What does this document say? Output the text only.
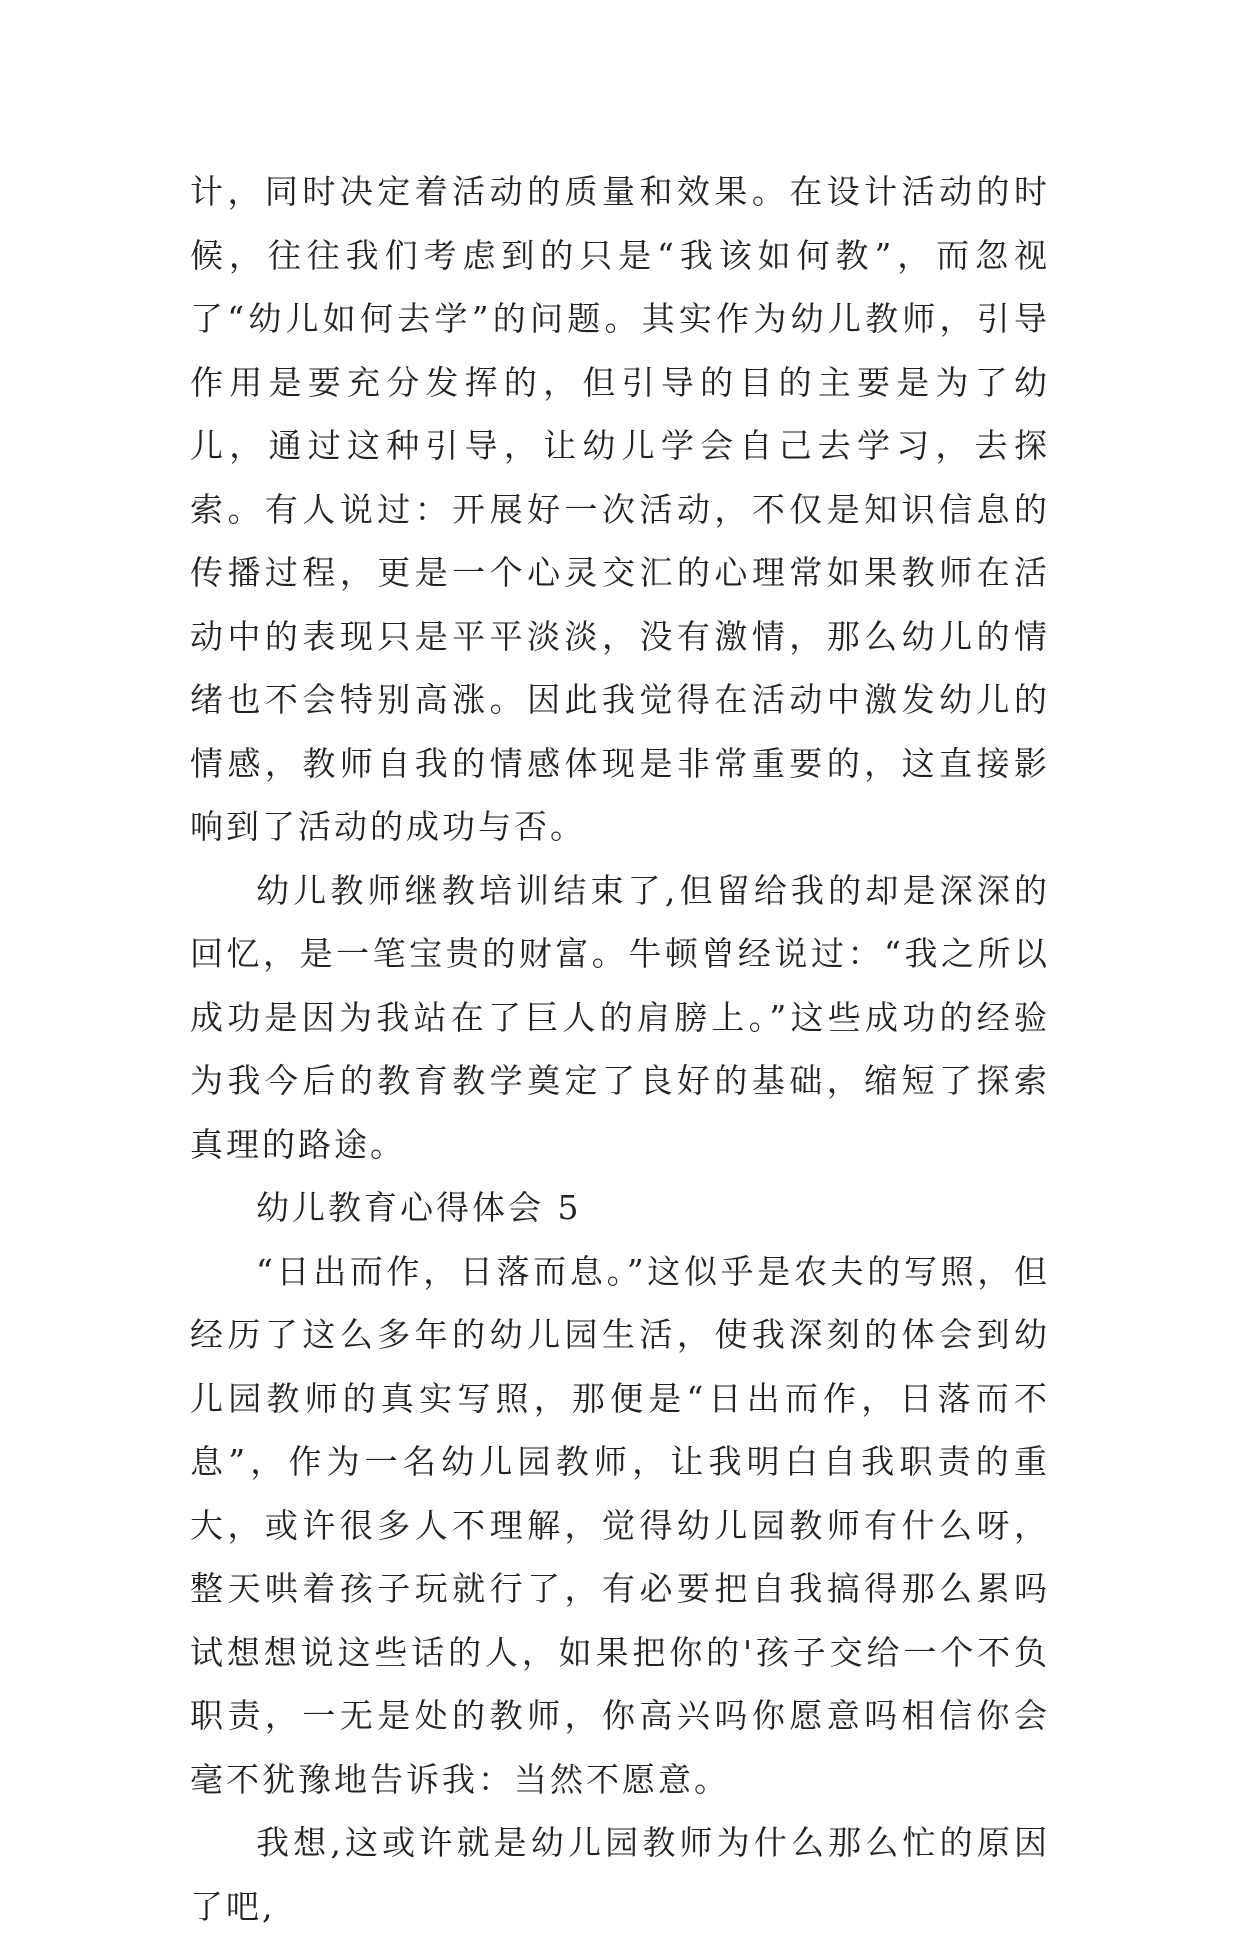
计，同时决定着活动的质量和效果。在设计活动的时候，往往我们考虑到的只是“我该如何教”，而忽视了“幼儿如何去学”的问题。其实作为幼儿教师，引导作用是要充分发挥的，但引导的目的主要是为了幼儿，通过这种引导，让幼儿学会自己去学习，去探索。有人说过：开展好一次活动，不仅是知识信息的传播过程，更是一个心灵交汇的心理常如果教师在活动中的表现只是平平淡淡，没有激情，那么幼儿的情绪也不会特别高涨。因此我觉得在活动中激发幼儿的情感，教师自我的情感体现是非常重要的，这直接影响到了活动的成功与否。

幼儿教师继教培训结束了,但留给我的却是深深的回忆，是一笔宝贵的财富。牛顿曾经说过：“我之所以成功是因为我站在了巨人的肩膀上。”这些成功的经验为我今后的教育教学奠定了良好的基础，缩短了探索真理的路途。

幼儿教育心得体会 5

“日出而作，日落而息。”这似乎是农夫的写照，但经历了这么多年的幼儿园生活，使我深刻的体会到幼儿园教师的真实写照，那便是“日出而作，日落而不息”，作为一名幼儿园教师，让我明白自我职责的重大，或许很多人不理解，觉得幼儿园教师有什么呀，整天哄着孩子玩就行了，有必要把自我搞得那么累吗试想想说这些话的人，如果把你的'孩子交给一个不负职责，一无是处的教师，你高兴吗你愿意吗相信你会毫不犹豫地告诉我：当然不愿意。

我想,这或许就是幼儿园教师为什么那么忙的原因了吧,
